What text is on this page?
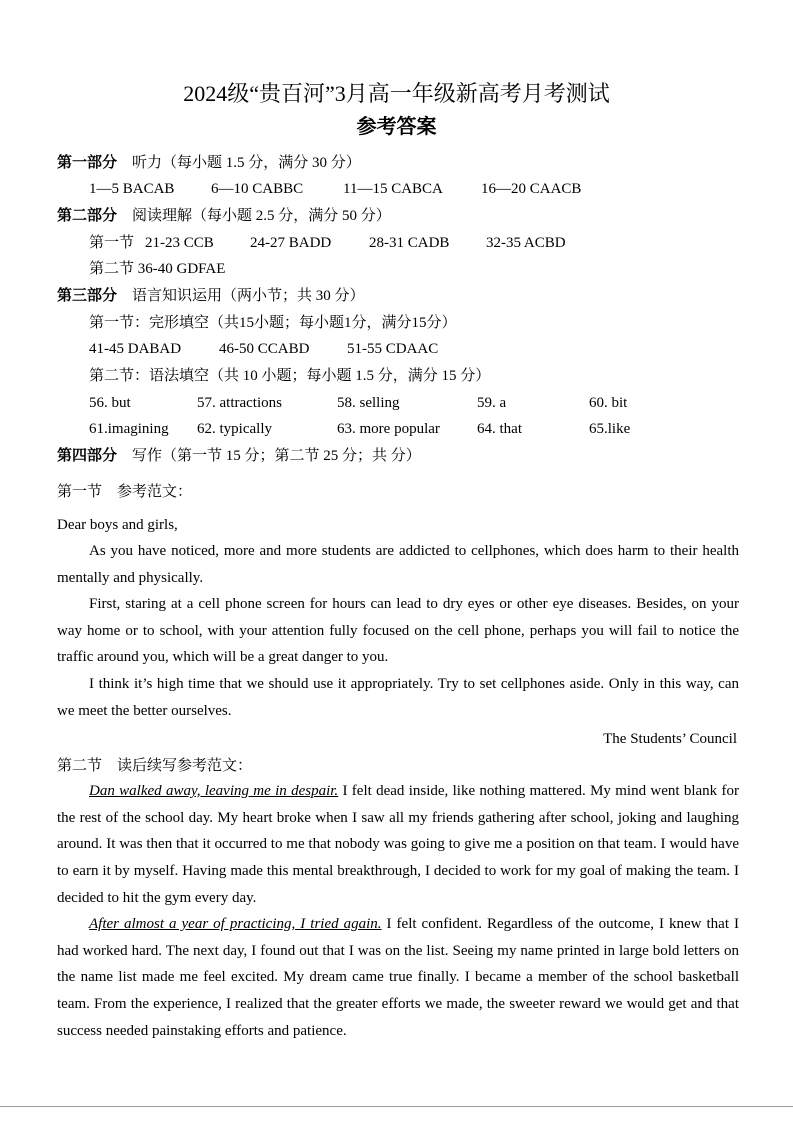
2024级“贵百河”3月高一年级新高考月考测试
参考答案
第一部分　 听力（每小题 1.5 分，满分 30 分）
1—5 BACAB 6—10 CABBC	11—15 CABCA	16—20 CAACB
第二部分　 阅读理解（每小题 2.5 分，满分 50 分）
第一节 21-23 CCB 24-27 BADD	28-31 CADB 32-35 ACBD
第二节 36-40 GDFAE
第三部分　 语言知识运用（两小节；共 30 分）
第一节：完形填空（共15小题；每小题1分，满分15分）
41-45 DABAD	46-50 CCABD	51-55 CDAAC
第二节：语法填空（共 10 小题；每小题 1.5 分，满分 15 分）
56. but	57. attractions	58. selling	59. a	60. bit
61.imagining 62. typically	63. more popular 64. that	65.like
第四部分　 写作（第一节 15 分；第二节 25 分；共 分）
第一节　参考范文：
Dear boys and girls,
As you have noticed, more and more students are addicted to cellphones, which does harm to their health mentally and physically.
First, staring at a cell phone screen for hours can lead to dry eyes or other eye diseases. Besides, on your way home or to school, with your attention fully focused on the cell phone, perhaps you will fail to notice the traffic around you, which will be a great danger to you.
I think it’s high time that we should use it appropriately. Try to set cellphones aside. Only in this way, can we meet the better ourselves.
The Students’ Council
第二节　读后续写参考范文：
Dan walked away, leaving me in despair. I felt dead inside, like nothing mattered. My mind went blank for the rest of the school day. My heart broke when I saw all my friends gathering after school, joking and laughing around. It was then that it occurred to me that nobody was going to give me a position on that team. I would have to earn it by myself. Having made this mental breakthrough, I decided to work for my goal of making the team. I decided to hit the gym every day.
After almost a year of practicing, I tried again. I felt confident. Regardless of the outcome, I knew that I had worked hard. The next day, I found out that I was on the list. Seeing my name printed in large bold letters on the name list made me feel excited. My dream came true finally. I became a member of the school basketball team. From the experience, I realized that the greater efforts we made, the sweeter reward we would get and that success needed painstaking efforts and patience.
